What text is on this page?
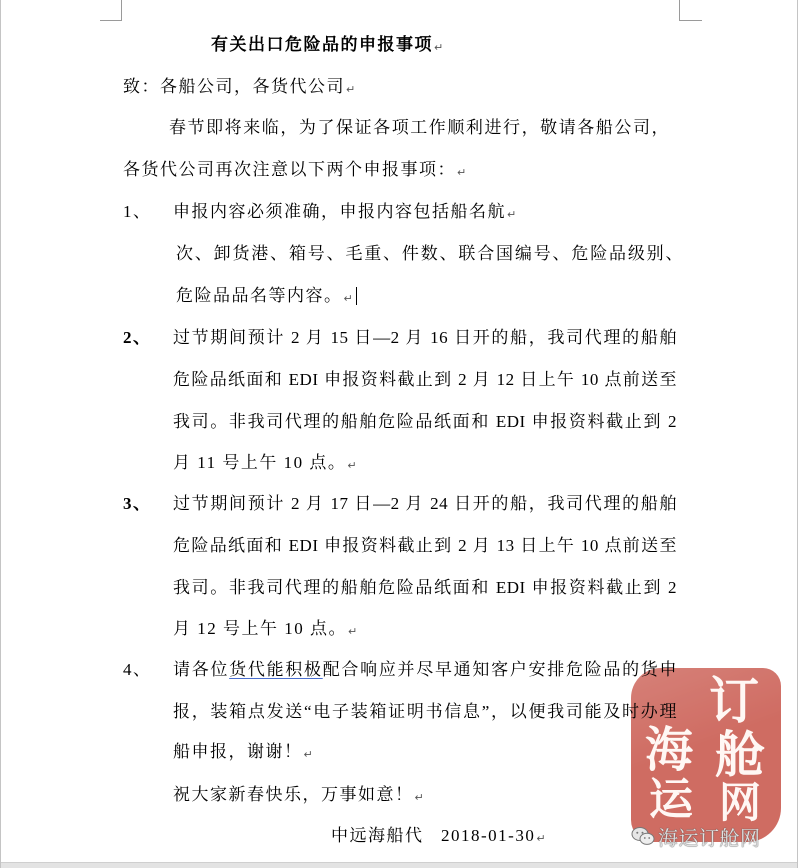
订
舱
网
海
运
有关出口危险品的申报事项↵
致：各船公司，各货代公司↵
春节即将来临，为了保证各项工作顺利进行，敬请各船公司，
各货代公司再次注意以下两个申报事项：↵
1、 申报内容必须准确，申报内容包括船名航↵
次、卸货港、箱号、毛重、件数、联合国编号、危险品级别、
危险品品名等内容。↵
2、 过节期间预计 2 月 15 日—2 月 16 日开的船，我司代理的船舶
危险品纸面和 EDI 申报资料截止到 2 月 12 日上午 10 点前送至
我司。非我司代理的船舶危险品纸面和 EDI 申报资料截止到 2
月 11 号上午 10 点。↵
3、 过节期间预计 2 月 17 日—2 月 24 日开的船，我司代理的船舶
危险品纸面和 EDI 申报资料截止到 2 月 13 日上午 10 点前送至
我司。非我司代理的船舶危险品纸面和 EDI 申报资料截止到 2
月 12 号上午 10 点。↵
4、 请各位货代能积极配合响应并尽早通知客户安排危险品的货申
报，装箱点发送“电子装箱证明书信息”，以便我司能及时办理
船申报，谢谢！↵
祝大家新春快乐，万事如意！↵
中远海船代 2018-01-30↵	海运订舱网
